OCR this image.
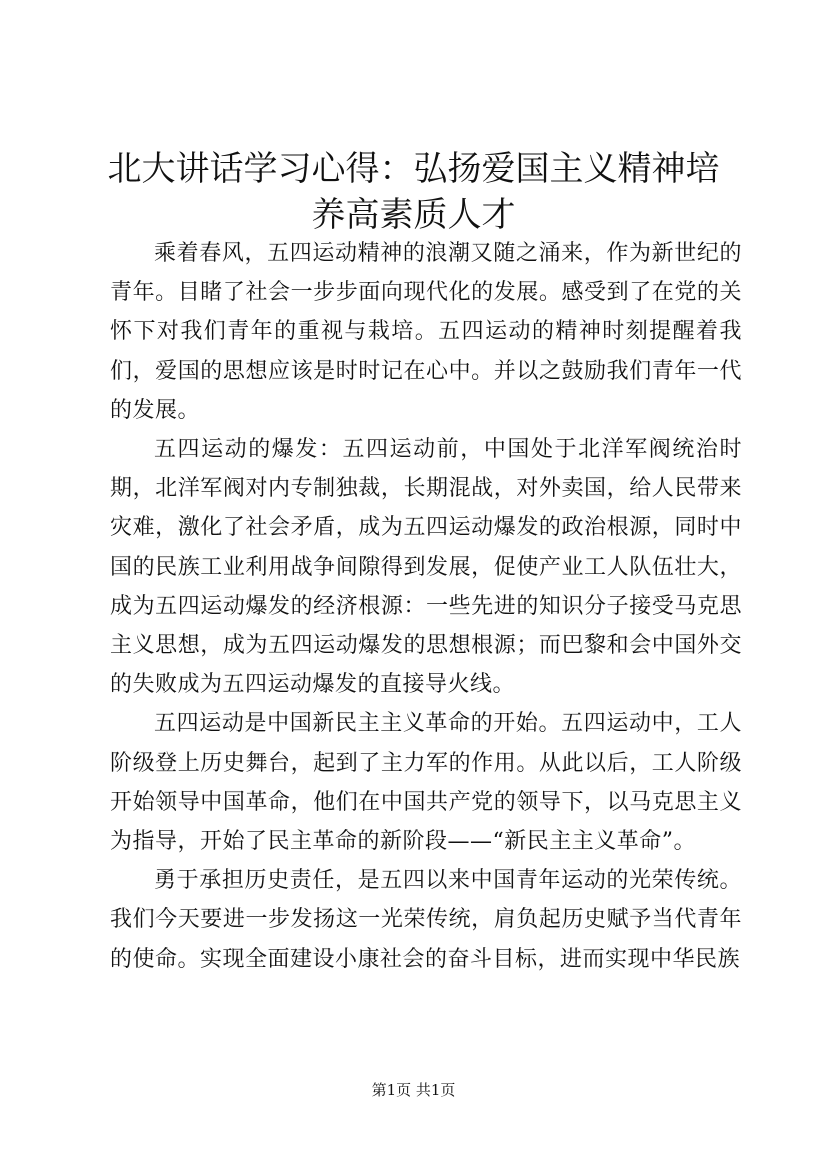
北大讲话学习心得：弘扬爱国主义精神培养高素质人才

乘着春风，五四运动精神的浪潮又随之涌来，作为新世纪的青年。目睹了社会一步步面向现代化的发展。感受到了在党的关怀下对我们青年的重视与栽培。五四运动的精神时刻提醒着我们，爱国的思想应该是时时记在心中。并以之鼓励我们青年一代的发展。

五四运动的爆发：五四运动前，中国处于北洋军阀统治时期，北洋军阀对内专制独裁，长期混战，对外卖国，给人民带来灾难，激化了社会矛盾，成为五四运动爆发的政治根源，同时中国的民族工业利用战争间隙得到发展，促使产业工人队伍壮大，成为五四运动爆发的经济根源：一些先进的知识分子接受马克思主义思想，成为五四运动爆发的思想根源；而巴黎和会中国外交的失败成为五四运动爆发的直接导火线。

五四运动是中国新民主主义革命的开始。五四运动中，工人阶级登上历史舞台，起到了主力军的作用。从此以后，工人阶级开始领导中国革命，他们在中国共产党的领导下，以马克思主义为指导，开始了民主革命的新阶段——“新民主主义革命”。

勇于承担历史责任，是五四以来中国青年运动的光荣传统。我们今天要进一步发扬这一光荣传统，肩负起历史赋予当代青年的使命。实现全面建设小康社会的奋斗目标，进而实现中华民族

第1页 共1页
